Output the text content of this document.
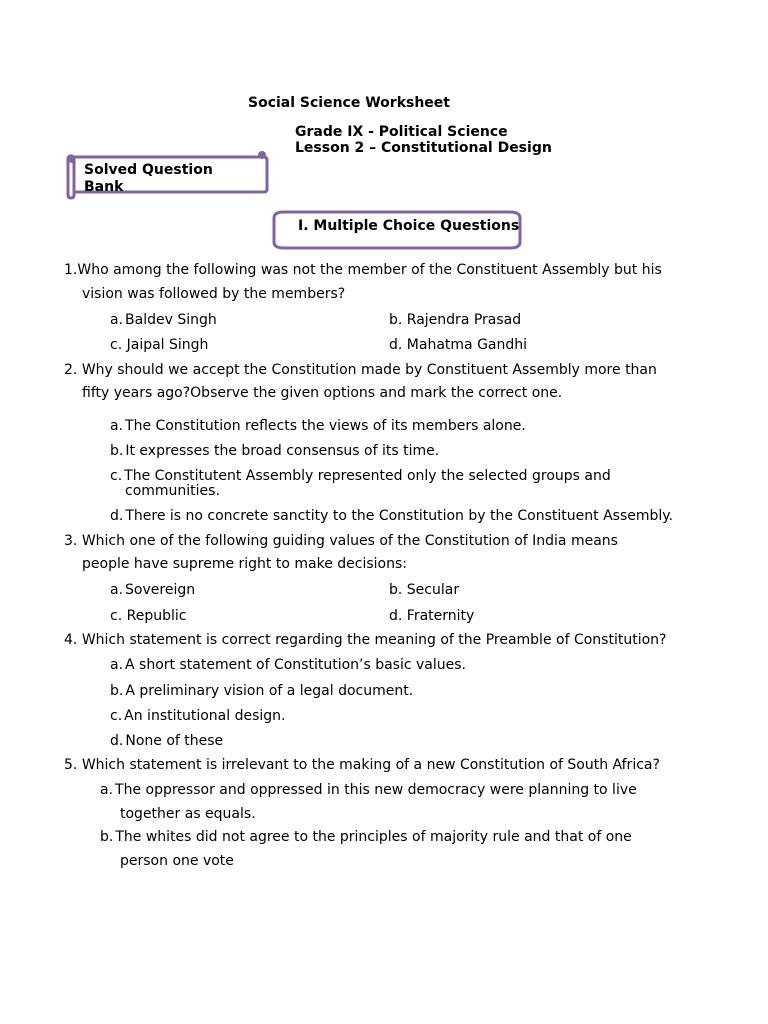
Social Science Worksheet
Grade IX - Political Science
Lesson 2 – Constitutional Design
Solved Question
Bank
I. Multiple Choice Questions
1.Who among the following was not the member of the Constituent Assembly but his
vision was followed by the members?
a. Baldev Singh	b. Rajendra Prasad
c. Jaipal Singh	d. Mahatma Gandhi
2. Why should we accept the Constitution made by Constituent Assembly more than
fifty years ago?Observe the given options and mark the correct one.
a. The Constitution reflects the views of its members alone.
b. It expresses the broad consensus of its time.
c. The Constitutent Assembly represented only the selected groups and
communities.
d. There is no concrete sanctity to the Constitution by the Constituent Assembly.
3. Which one of the following guiding values of the Constitution of India means
people have supreme right to make decisions:
a. Sovereign	b. Secular
c. Republic	d. Fraternity
4. Which statement is correct regarding the meaning of the Preamble of Constitution?
a. A short statement of Constitution’s basic values.
b. A preliminary vision of a legal document.
c. An institutional design.
d. None of these
5. Which statement is irrelevant to the making of a new Constitution of South Africa?
a. The oppressor and oppressed in this new democracy were planning to live
together as equals.
b. The whites did not agree to the principles of majority rule and that of one
person one vote
